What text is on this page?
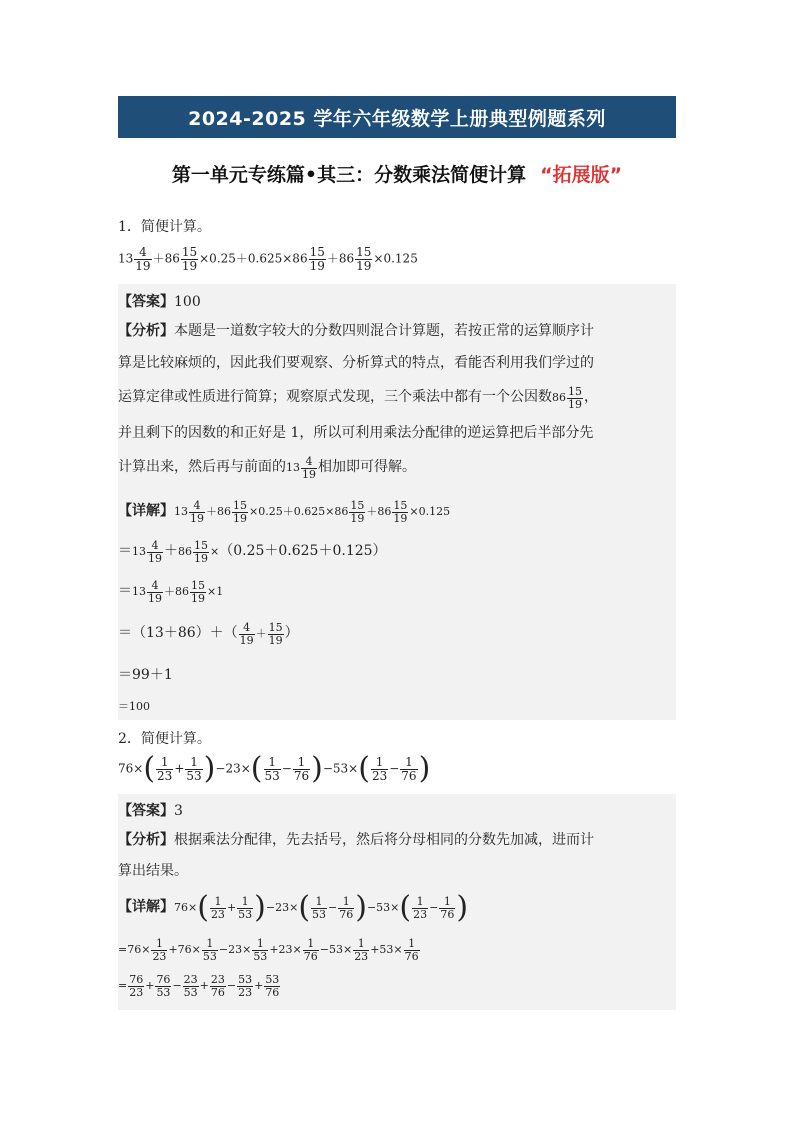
2024-2025 学年六年级数学上册典型例题系列
第一单元专练篇•其三：分数乘法简便计算 “拓展版”
1．简便计算。
$13 \frac{4}{19} +86 \frac{15}{19} \times 0.25+0.625\times 86 \frac{15}{19} +86 \frac{15}{19} \times 0.125$
【答案】100
【分析】本题是一道数字较大的分数四则混合计算题，若按正常的运算顺序计
算是比较麻烦的，因此我们要观察、分析算式的特点，看能否利用我们学过的
运算定律或性质进行简算；观察原式发现，三个乘法中都有一个公因数$86 \frac{15}{19}$ ，
并且剩下的因数的和正好是 1，所以可利用乘法分配律的逆运算把后半部分先
计算出来，然后再与前面的$13 \frac{4}{19}$ 相加即可得解。
【详解】$13 \frac{4}{19} +86 \frac{15}{19} \times 0.25+0.625\times 86 \frac{15}{19} +86 \frac{15}{19} \times 0.125$
$=13 \frac{4}{19} +86 \frac{15}{19} \times(0.25+0.625+0.125)$
$=13 \frac{4}{19} +86 \frac{15}{19} \times 1$
$=(13+86)+( \frac{4}{19} + \frac{15}{19}$ ）
＝99＋1
＝100
2．简便计算。
$76\times( \frac{1}{23} + \frac{1}{53} )-23\times( \frac{1}{53} - \frac{1}{76} )-53\times( \frac{1}{23} - \frac{1}{76}$ )
【答案】3
【分析】根据乘法分配律，先去括号，然后将分母相同的分数先加减，进而计
算出结果。
【详解】$76\times( \frac{1}{23} + \frac{1}{53} )-23\times( \frac{1}{53} - \frac{1}{76} )-53\times( \frac{1}{23} - \frac{1}{76}$ )
$=76\times \frac{1}{23} +76\times \frac{1}{53} -23\times \frac{1}{53} +23\times \frac{1}{76} -53\times \frac{1}{23} +53\times \frac{1}{76}$
= $\frac{76}{23} + \frac{76}{53} - \frac{23}{53} + \frac{23}{76} - \frac{53}{23} + \frac{53}{76}$
